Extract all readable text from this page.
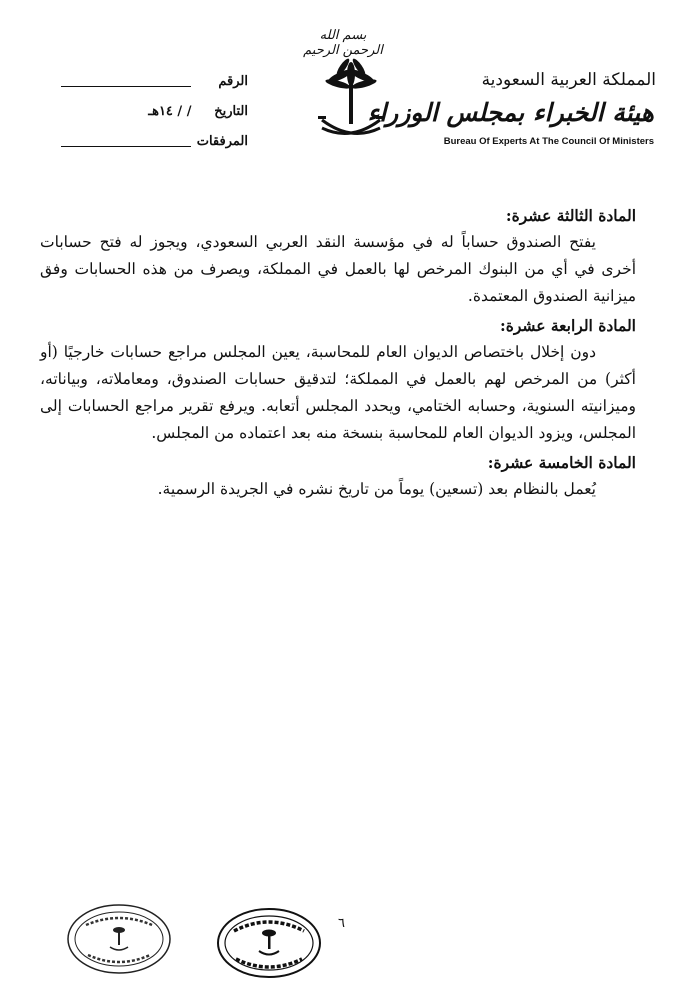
بسم الله الرحمن الرحيم
المملكة العربية السعودية
هيئة الخبراء بمجلس الوزراء
Bureau Of Experts At The Council Of Ministers
الرقم
التاريخ / / ١٤هـ
المرفقات
المادة الثالثة عشرة:

يفتح الصندوق حساباً له في مؤسسة النقد العربي السعودي، ويجوز له فتح حسابات أخرى في أي من البنوك المرخص لها بالعمل في المملكة، ويصرف من هذه الحسابات وفق ميزانية الصندوق المعتمدة.

المادة الرابعة عشرة:

دون إخلال باختصاص الديوان العام للمحاسبة، يعين المجلس مراجع حسابات خارجيًا (أو أكثر) من المرخص لهم بالعمل في المملكة؛ لتدقيق حسابات الصندوق، ومعاملاته، وبياناته، وميزانيته السنوية، وحسابه الختامي، ويحدد المجلس أتعابه. ويرفع تقرير مراجع الحسابات إلى المجلس، ويزود الديوان العام للمحاسبة بنسخة منه بعد اعتماده من المجلس.

المادة الخامسة عشرة:

يُعمل بالنظام بعد (تسعين) يوماً من تاريخ نشره في الجريدة الرسمية.

٦
